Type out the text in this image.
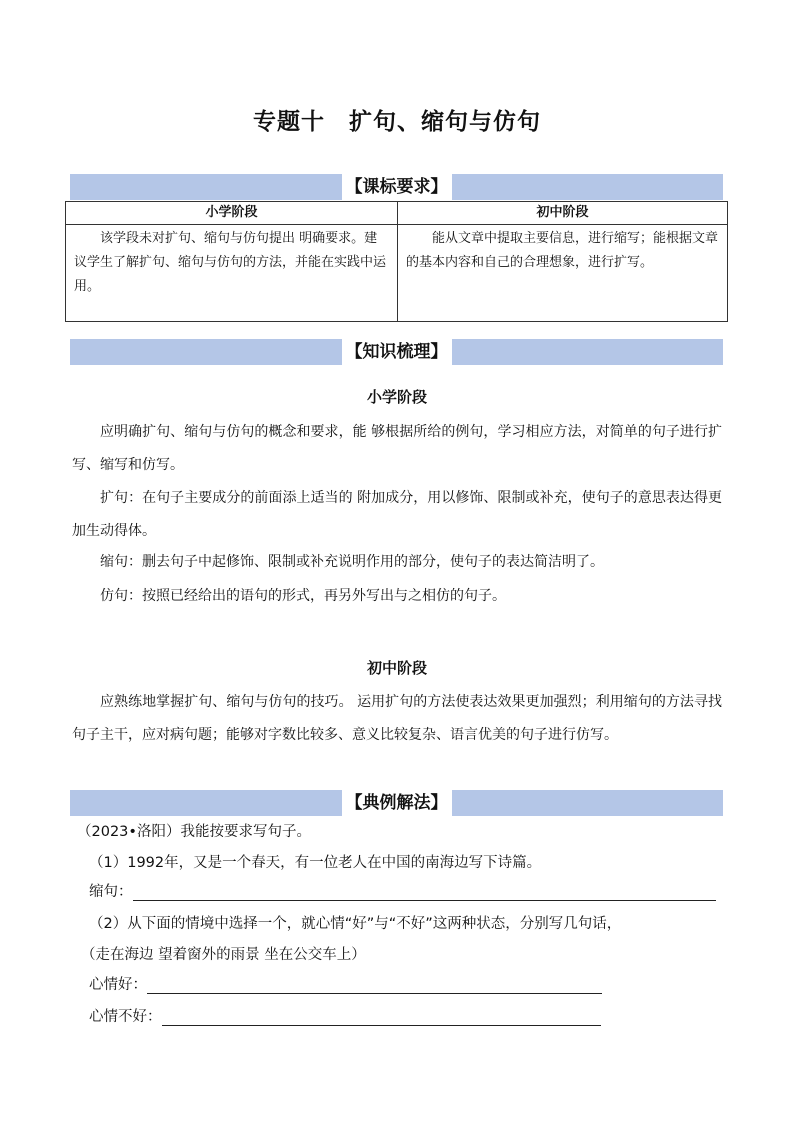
专题十　扩句、缩句与仿句
【课标要求】
小学阶段	初中阶段
该学段未对扩句、缩句与仿句提出 明确要求。建议学生了解扩句、缩句与仿句的方法，并能在实践中运用。	能从文章中提取主要信息，进行缩写；能根据文章的基本内容和自己的合理想象，进行扩写。
【知识梳理】
小学阶段
应明确扩句、缩句与仿句的概念和要求，能 够根据所给的例句，学习相应方法，对简单的句子进行扩写、缩写和仿写。
扩句：在句子主要成分的前面添上适当的 附加成分，用以修饰、限制或补充，使句子的意思表达得更加生动得体。
缩句：删去句子中起修饰、限制或补充说明作用的部分，使句子的表达简洁明了。
仿句：按照已经给出的语句的形式，再另外写出与之相仿的句子。
初中阶段
应熟练地掌握扩句、缩句与仿句的技巧。 运用扩句的方法使表达效果更加强烈；利用缩句的方法寻找句子主干，应对病句题；能够对字数比较多、意义比较复杂、语言优美的句子进行仿写。
【典例解法】
（2023•洛阳）我能按要求写句子。
（1）1992年，又是一个春天，有一位老人在中国的南海边写下诗篇。
缩句：
（2）从下面的情境中选择一个，就心情“好”与“不好”这两种状态，分别写几句话，
（走在海边 望着窗外的雨景 坐在公交车上）
心情好：
心情不好：
